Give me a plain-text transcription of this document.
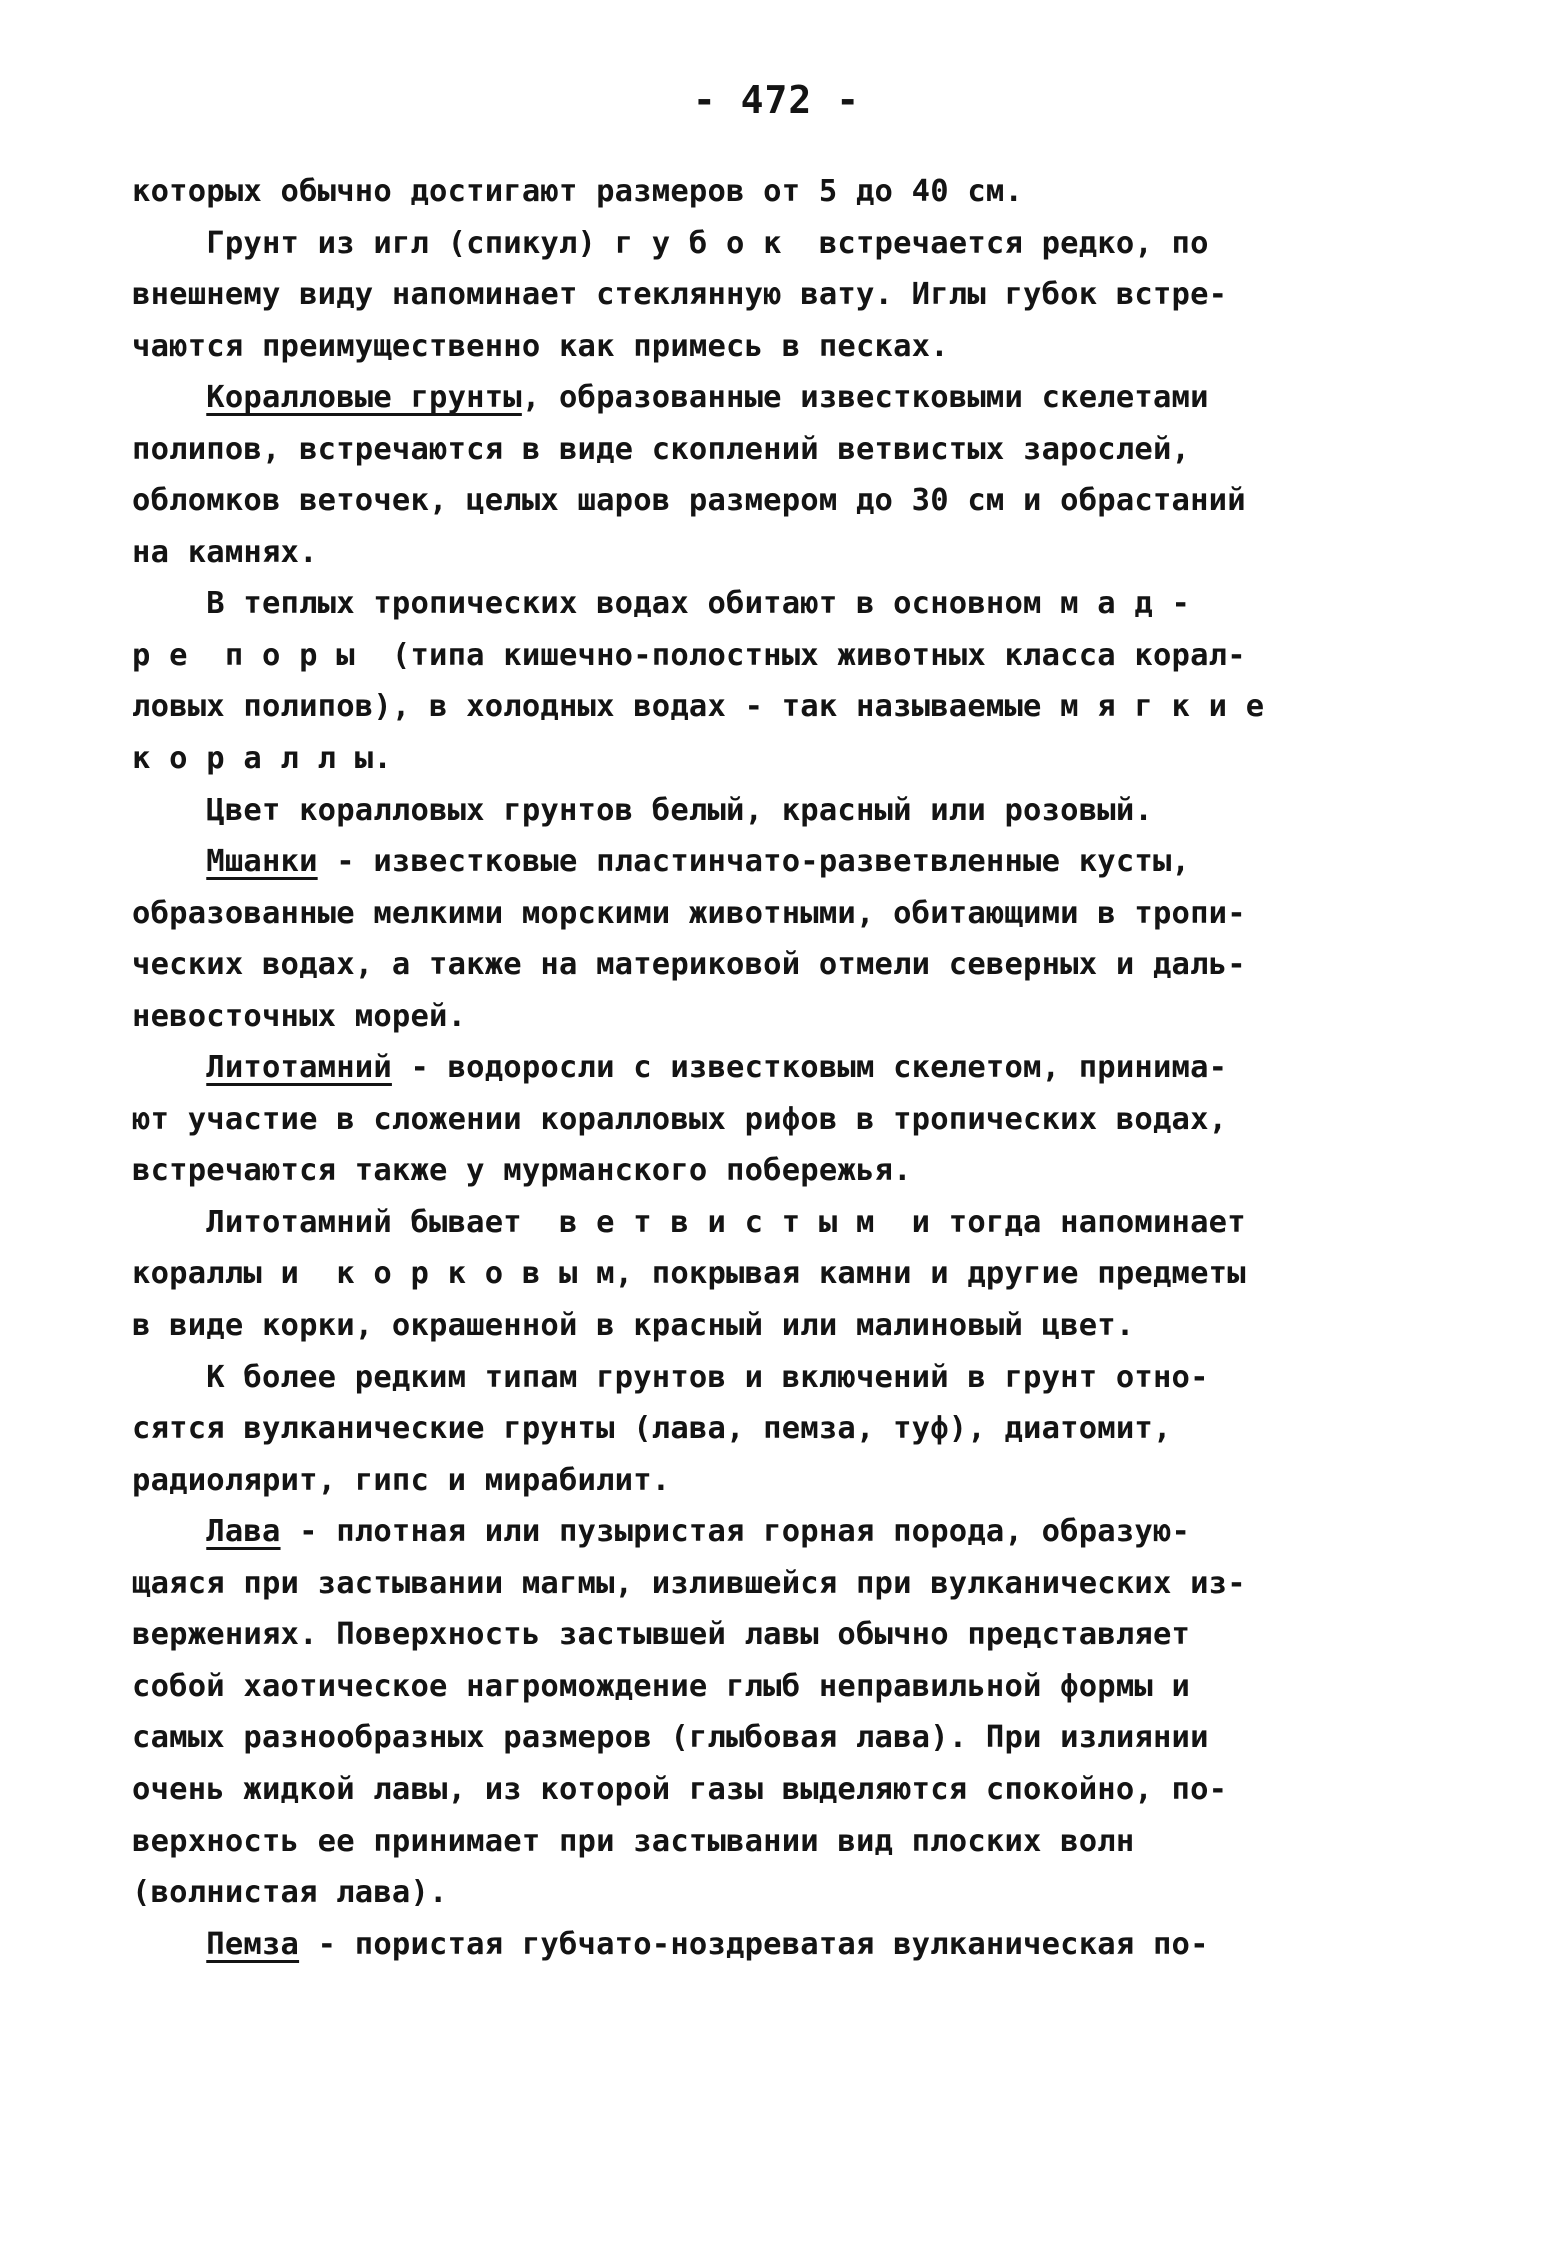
- 472 -
которых обычно достигают размеров от 5 до 40 см.
Грунт из игл (спикул) г у б о к  встречается редко, по
внешнему виду напоминает стеклянную вату. Иглы губок встре-
чаются преимущественно как примесь в песках.
Коралловые грунты, образованные известковыми скелетами
полипов, встречаются в виде скоплений ветвистых зарослей,
обломков веточек, целых шаров размером до 30 см и обрастаний
на камнях.
В теплых тропических водах обитают в основном м а д -
р е  п о р ы  (типа кишечно-полостных животных класса корал-
ловых полипов), в холодных водах - так называемые м я г к и е
к о р а л л ы.
Цвет коралловых грунтов белый, красный или розовый.
Мшанки - известковые пластинчато-разветвленные кусты,
образованные мелкими морскими животными, обитающими в тропи-
ческих водах, а также на материковой отмели северных и даль-
невосточных морей.
Литотамний - водоросли с известковым скелетом, принима-
ют участие в сложении коралловых рифов в тропических водах,
встречаются также у мурманского побережья.
Литотамний бывает  в е т в и с т ы м  и тогда напоминает
кораллы и  к о р к о в ы м, покрывая камни и другие предметы
в виде корки, окрашенной в красный или малиновый цвет.
К более редким типам грунтов и включений в грунт отно-
сятся вулканические грунты (лава, пемза, туф), диатомит,
радиолярит, гипс и мирабилит.
Лава - плотная или пузыристая горная порода, образую-
щаяся при застывании магмы, излившейся при вулканических из-
вержениях. Поверхность застывшей лавы обычно представляет
собой хаотическое нагромождение глыб неправильной формы и
самых разнообразных размеров (глыбовая лава). При излиянии
очень жидкой лавы, из которой газы выделяются спокойно, по-
верхность ее принимает при застывании вид плоских волн
(волнистая лава).
Пемза - пористая губчато-ноздреватая вулканическая по-
